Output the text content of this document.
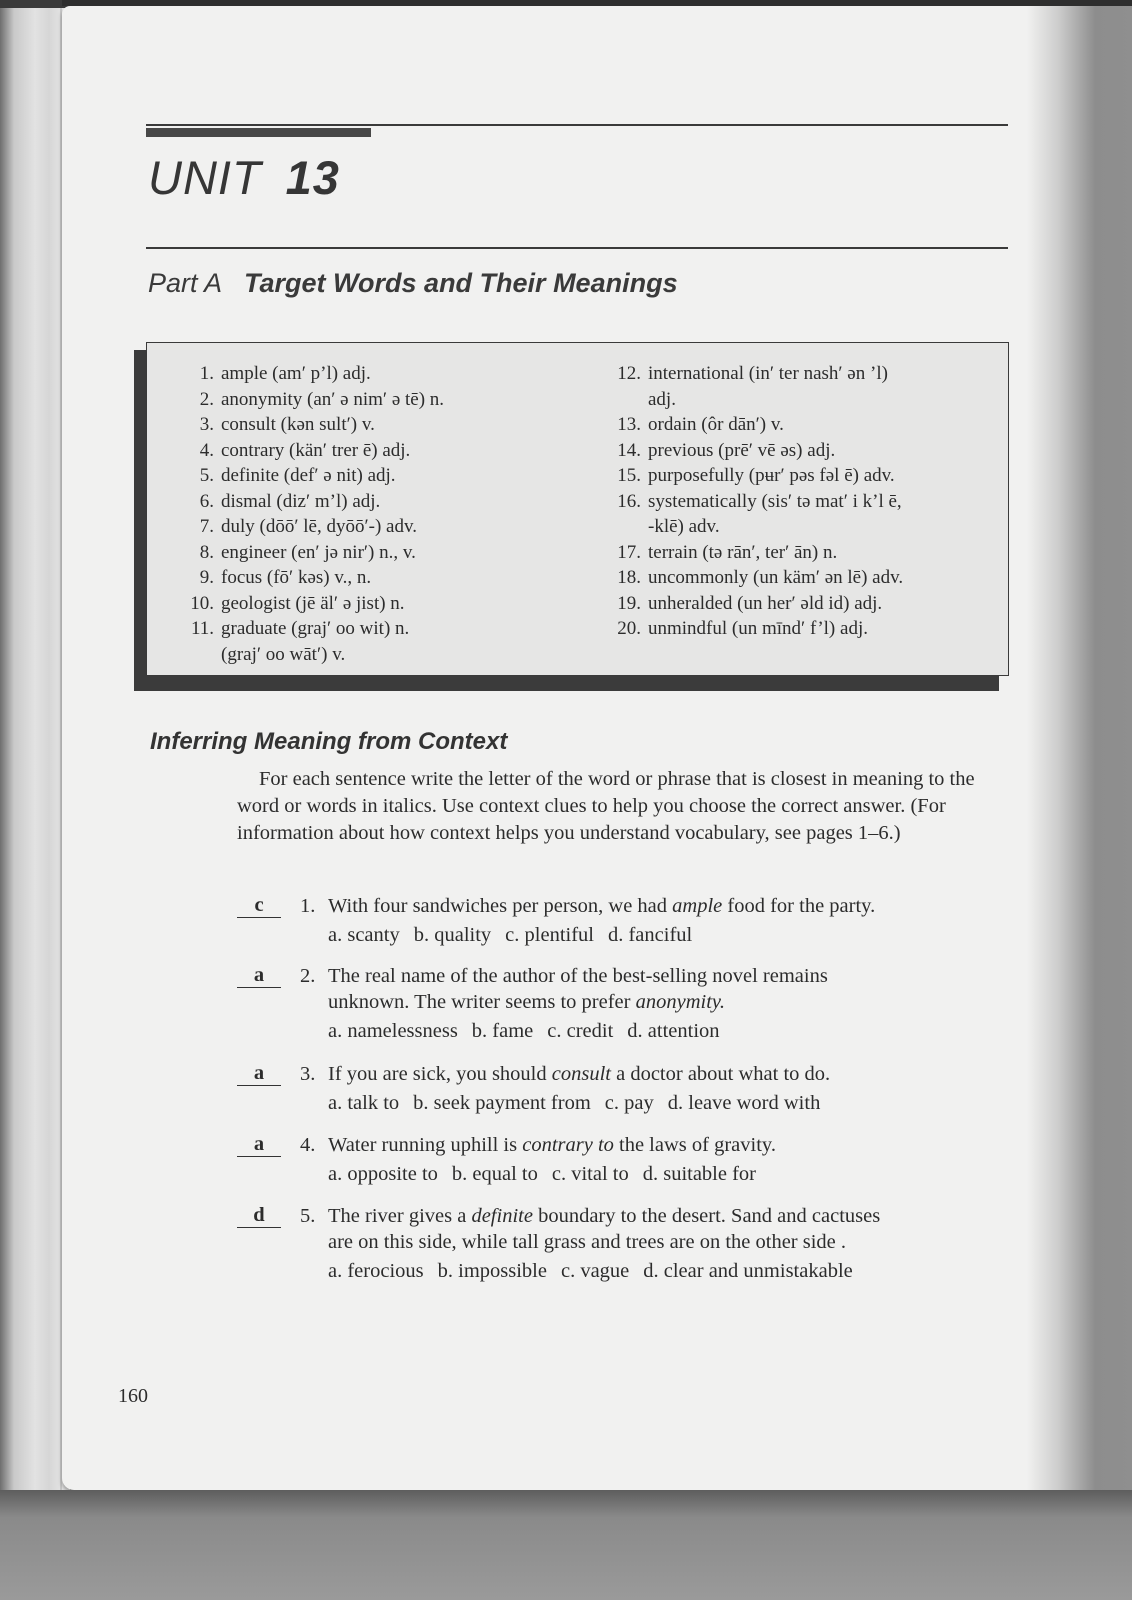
UNIT 13
Part A Target Words and Their Meanings
1. ample (am′ p’l) adj.
2. anonymity (an′ ə nim′ ə tē) n.
3. consult (kən sult′) v.
4. contrary (kän′ trer ē) adj.
5. definite (def′ ə nit) adj.
6. dismal (diz′ m’l) adj.
7. duly (dōō′ lē, dyōō′-) adv.
8. engineer (en′ jə nir′) n., v.
9. focus (fō′ kəs) v., n.
10. geologist (jē äl′ ə jist) n.
11. graduate (graj′ oo wit) n.
(graj′ oo wāt′) v.
12. international (in′ ter nash′ ən ’l)
adj.
13. ordain (ôr dān′) v.
14. previous (prē′ vē əs) adj.
15. purposefully (pʉr′ pəs fəl ē) adv.
16. systematically (sis′ tə mat′ i k’l ē,
-klē) adv.
17. terrain (tə rān′, ter′ ān) n.
18. uncommonly (un käm′ ən lē) adv.
19. unheralded (un her′ əld id) adj.
20. unmindful (un mīnd′ f’l) adj.
Inferring Meaning from Context
For each sentence write the letter of the word or phrase that is closest in meaning to the word or words in italics. Use context clues to help you choose the correct answer. (For information about how context helps you understand vocabulary, see pages 1–6.)
c	1. With four sandwiches per person, we had ample food for the party.
a. scanty b. quality c. plentiful d. fanciful
a	2. The real name of the author of the best-selling novel remains
unknown. The writer seems to prefer anonymity.
a. namelessness b. fame c. credit d. attention
a	3. If you are sick, you should consult a doctor about what to do.
a. talk to b. seek payment from c. pay d. leave word with
a	4. Water running uphill is contrary to the laws of gravity.
a. opposite to b. equal to c. vital to d. suitable for
d	5. The river gives a definite boundary to the desert. Sand and cactuses
are on this side, while tall grass and trees are on the other side .
a. ferocious b. impossible c. vague d. clear and unmistakable
160
